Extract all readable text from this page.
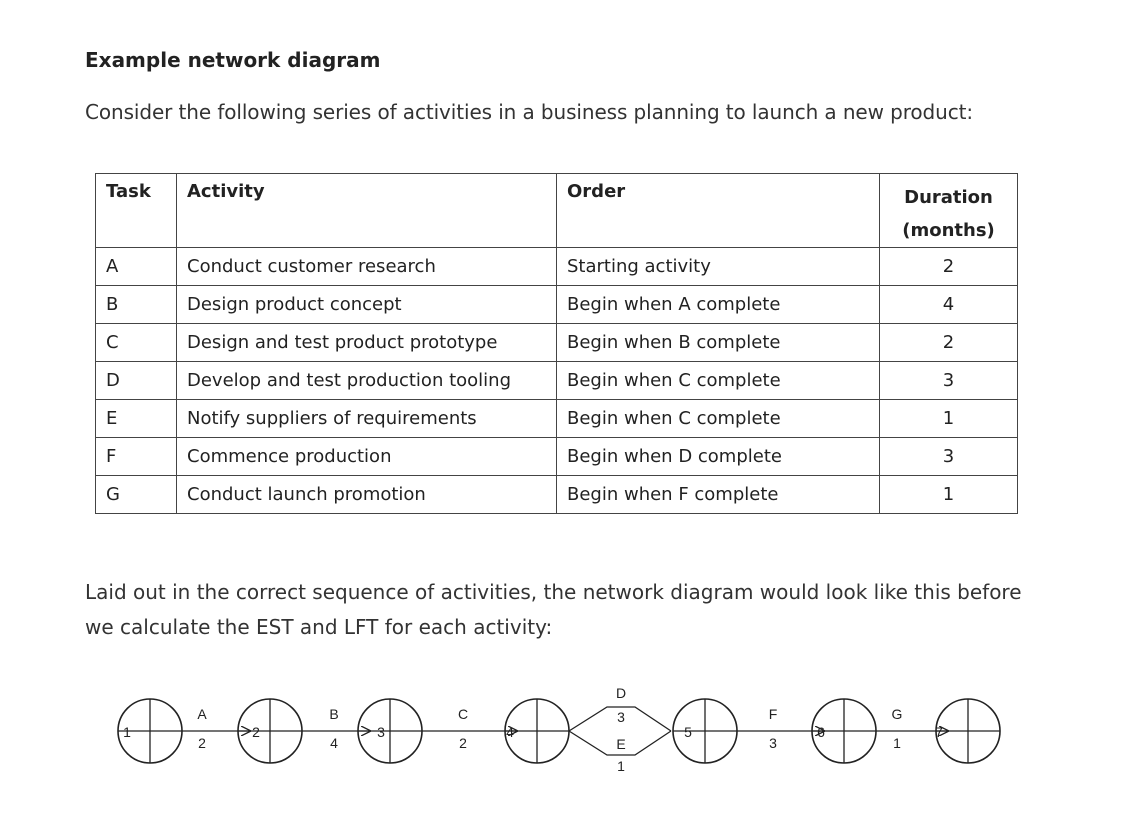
Example network diagram
Consider the following series of activities in a business planning to launch a new product:
Task	Activity	Order	Duration
(months)

A	Conduct customer research	Starting activity	2
B	Design product concept	Begin when A complete	4
C	Design and test product prototype	Begin when B complete	2
D	Develop and test production tooling	Begin when C complete	3
E	Notify suppliers of requirements	Begin when C complete	1
F	Commence production	Begin when D complete	3
G	Conduct launch promotion	Begin when F complete	1
Laid out in the correct sequence of activities, the network diagram would look like this before we calculate the EST and LFT for each activity:
1	2	3	4	5	6	7
A
2
B
4
C
2
F
3
G
1
D
3
E
1
